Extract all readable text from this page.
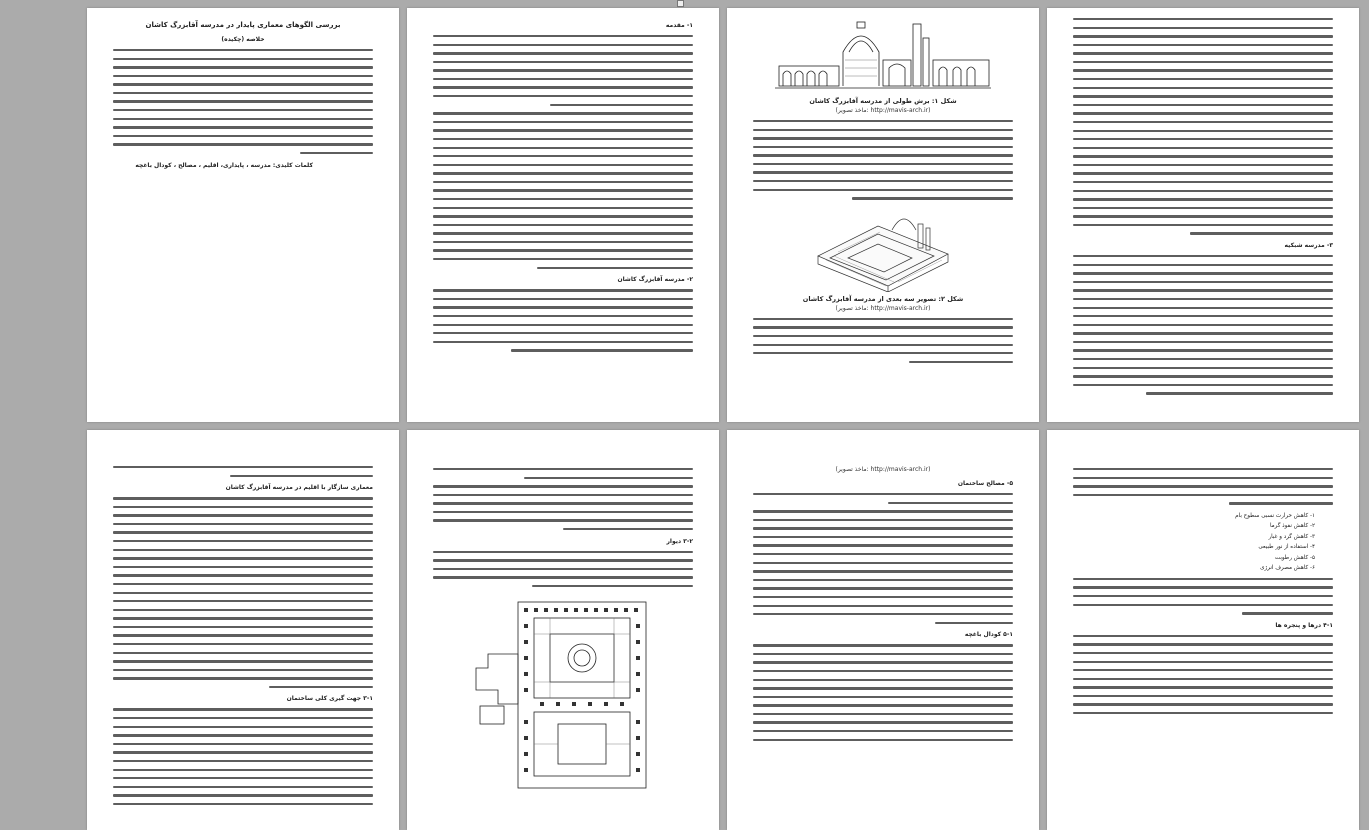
بررسی الگوهای معماری پایدار در مدرسه آقابزرگ کاشان
خلاصه (چکیده)
کلمات کلیدی: مدرسه ، پایداری، اقلیم ، مصالح ، کودال باغچه
۱- مقدمه
۲- مدرسه آقابزرگ کاشان
شکل ۱: برش طولی از مدرسه آقابزرگ کاشان
(ماخذ تصویر: http://mavis-arch.ir)
شکل ۲: تصویر سه بعدی از مدرسه آقابزرگ کاشان
(ماخذ تصویر: http://mavis-arch.ir)
۳- مدرسه شبکیه
معماری سازگار با اقلیم در مدرسه آقابزرگ کاشان
۳-۱ جهت گیری کلی ساختمان
۳-۲ دیوار
(ماخذ تصویر: http://mavis-arch.ir)
۵- مصالح ساختمان
۵-۱ کودال باغچه
۱- کاهش حرارت نسبی سطوح بام
۲- کاهش نفوذ گرما
۳- کاهش گرد و غبار
۴- استفاده از نور طبیعی
۵- کاهش رطوبت
۶- کاهش مصرف انرژی
۴-۱ درها و پنجره ها
